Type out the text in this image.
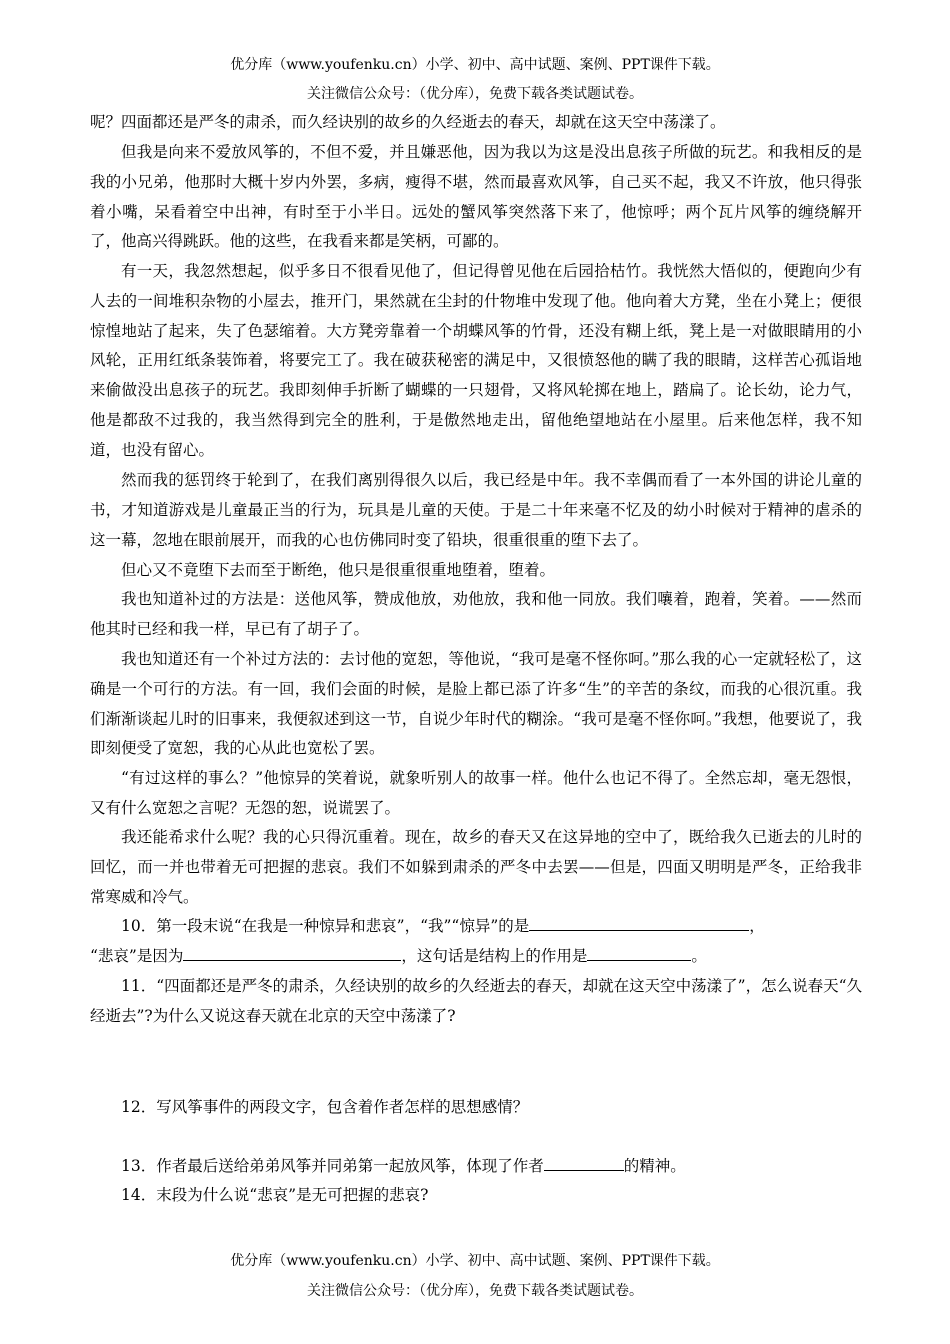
优分库（www.youfenku.cn）小学、初中、高中试题、案例、PPT课件下载。
关注微信公众号：（优分库），免费下载各类试题试卷。

呢？四面都还是严冬的肃杀，而久经诀别的故乡的久经逝去的春天，却就在这天空中荡漾了。

但我是向来不爱放风筝的，不但不爱，并且嫌恶他，因为我以为这是没出息孩子所做的玩艺。和我相反的是我的小兄弟，他那时大概十岁内外罢，多病，瘦得不堪，然而最喜欢风筝，自己买不起，我又不许放，他只得张着小嘴，呆看着空中出神，有时至于小半日。远处的蟹风筝突然落下来了，他惊呼；两个瓦片风筝的缠绕解开了，他高兴得跳跃。他的这些，在我看来都是笑柄，可鄙的。

有一天，我忽然想起，似乎多日不很看见他了，但记得曾见他在后园拾枯竹。我恍然大悟似的，便跑向少有人去的一间堆积杂物的小屋去，推开门，果然就在尘封的什物堆中发现了他。他向着大方凳，坐在小凳上；便很惊惶地站了起来，失了色瑟缩着。大方凳旁靠着一个胡蝶风筝的竹骨，还没有糊上纸，凳上是一对做眼睛用的小风轮，正用红纸条装饰着，将要完工了。我在破获秘密的满足中，又很愤怒他的瞒了我的眼睛，这样苦心孤诣地来偷做没出息孩子的玩艺。我即刻伸手折断了蝴蝶的一只翅骨，又将风轮掷在地上，踏扁了。论长幼，论力气，他是都敌不过我的，我当然得到完全的胜利，于是傲然地走出，留他绝望地站在小屋里。后来他怎样，我不知道，也没有留心。

然而我的惩罚终于轮到了，在我们离别得很久以后，我已经是中年。我不幸偶而看了一本外国的讲论儿童的书，才知道游戏是儿童最正当的行为，玩具是儿童的天使。于是二十年来毫不忆及的幼小时候对于精神的虐杀的这一幕，忽地在眼前展开，而我的心也仿佛同时变了铅块，很重很重的堕下去了。

但心又不竟堕下去而至于断绝，他只是很重很重地堕着，堕着。

我也知道补过的方法是：送他风筝，赞成他放，劝他放，我和他一同放。我们嚷着，跑着，笑着。——然而他其时已经和我一样，早已有了胡子了。

我也知道还有一个补过方法的：去讨他的宽恕，等他说，“我可是毫不怪你呵。”那么我的心一定就轻松了，这确是一个可行的方法。有一回，我们会面的时候，是脸上都已添了许多“生”的辛苦的条纹，而我的心很沉重。我们渐渐谈起儿时的旧事来，我便叙述到这一节，自说少年时代的糊涂。“我可是毫不怪你呵。”我想，他要说了，我即刻便受了宽恕，我的心从此也宽松了罢。

“有过这样的事么？”他惊异的笑着说，就象听别人的故事一样。他什么也记不得了。全然忘却，毫无怨恨，又有什么宽恕之言呢？无怨的恕，说谎罢了。

我还能希求什么呢？我的心只得沉重着。现在，故乡的春天又在这异地的空中了，既给我久已逝去的儿时的回忆，而一并也带着无可把握的悲哀。我们不如躲到肃杀的严冬中去罢——但是，四面又明明是严冬，正给我非常寒威和冷气。

10．第一段末说“在我是一种惊异和悲哀”，“我”“惊异”的是	，
“悲哀”是因为	，这句话是结构上的作用是	。

11．“四面都还是严冬的肃杀，久经诀别的故乡的久经逝去的春天，却就在这天空中荡漾了”，怎么说春天“久经逝去”?为什么又说这春天就在北京的天空中荡漾了?

12．写风筝事件的两段文字，包含着作者怎样的思想感情？

13．作者最后送给弟弟风筝并同弟第一起放风筝，体现了作者	的精神。

14．末段为什么说“悲哀”是无可把握的悲哀?

优分库（www.youfenku.cn）小学、初中、高中试题、案例、PPT课件下载。
关注微信公众号：（优分库），免费下载各类试题试卷。
